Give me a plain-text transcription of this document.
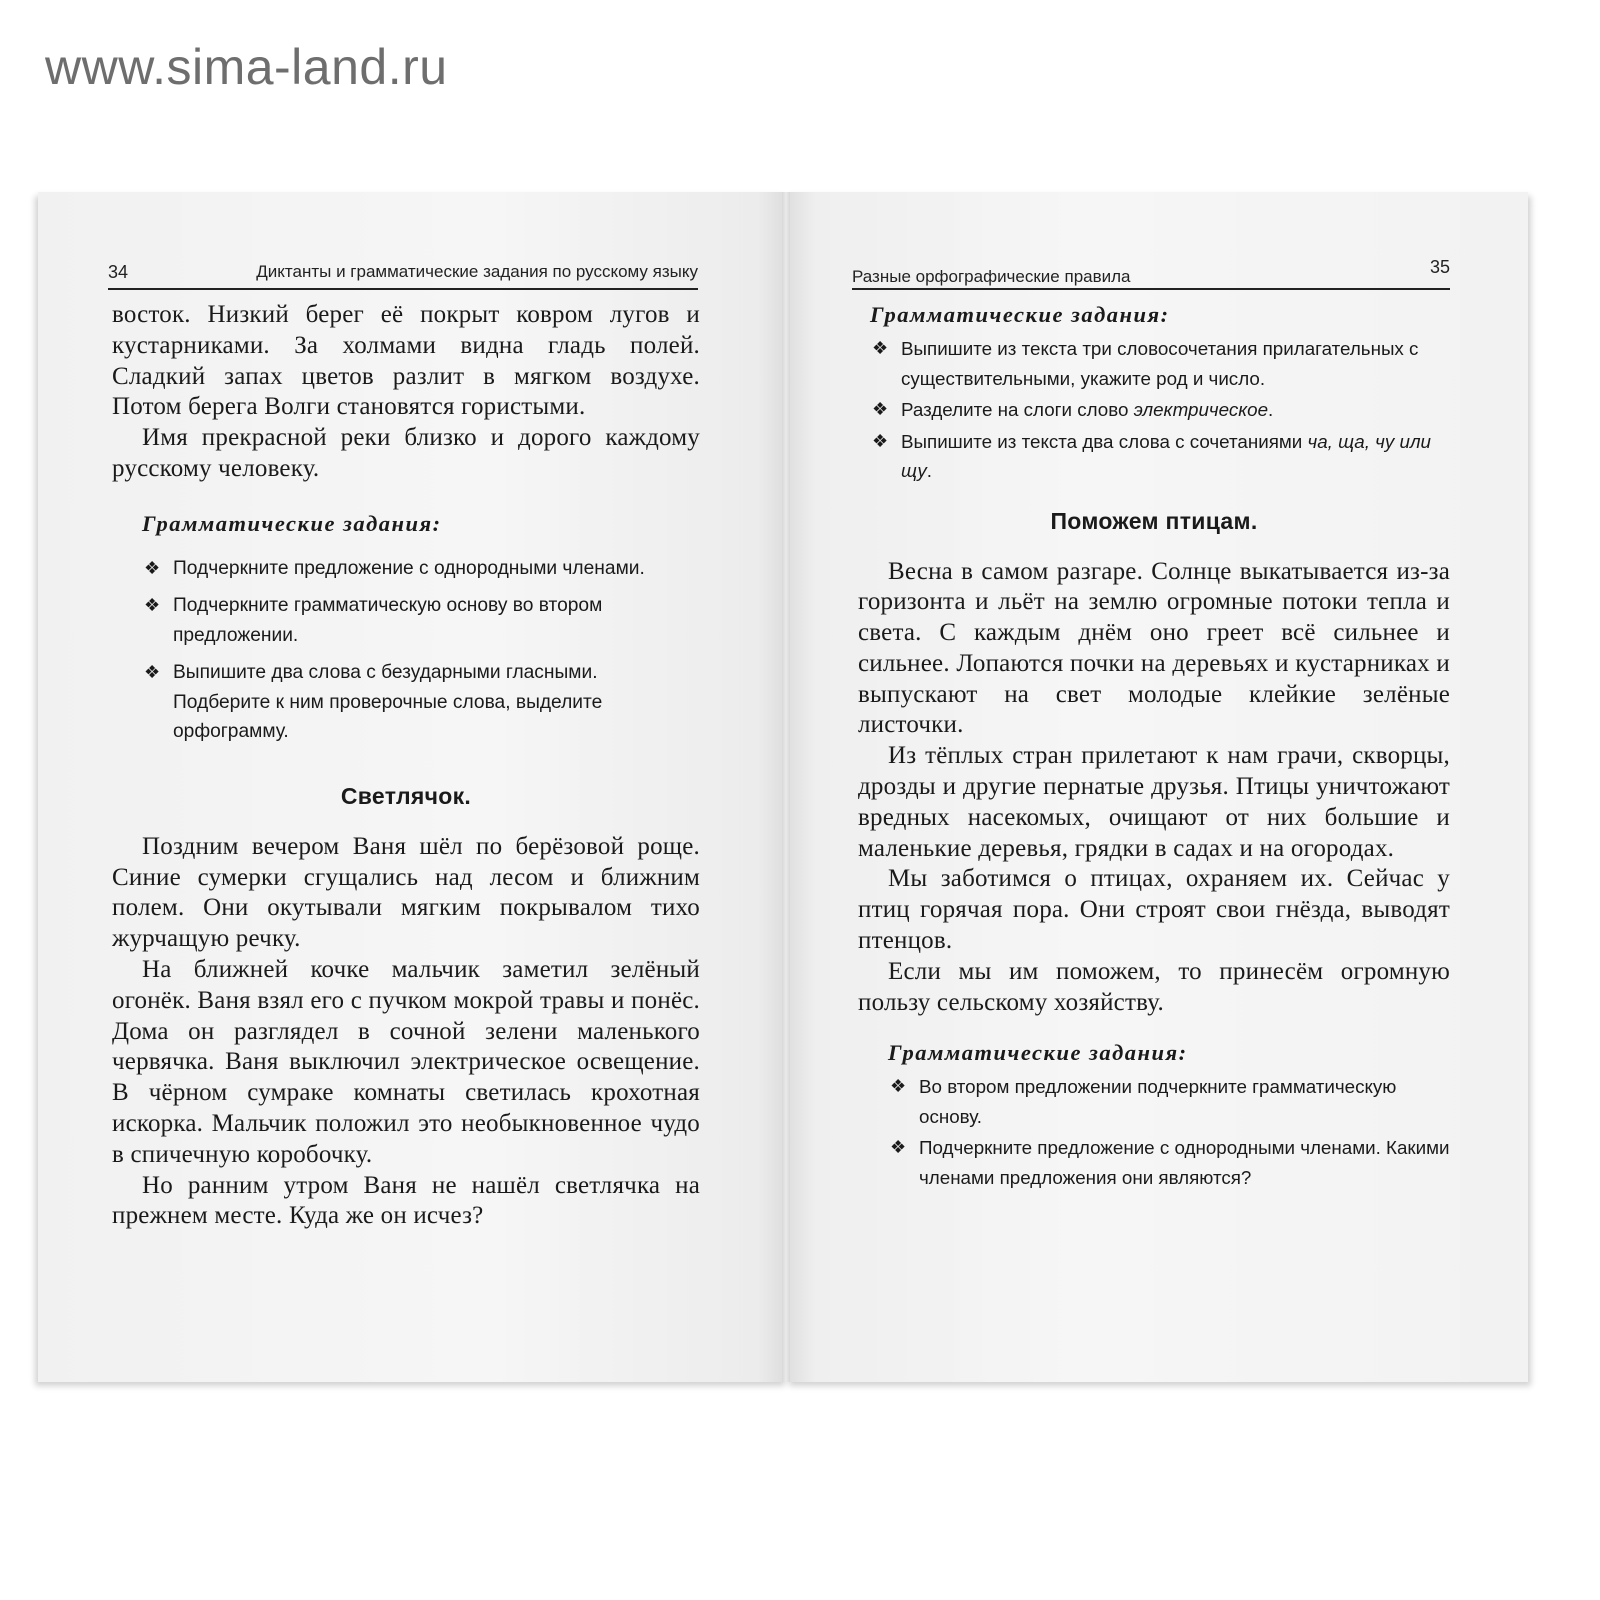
www.sima-land.ru
34	Диктанты и грамматические задания по русскому языку

восток. Низкий берег её покрыт ковром лугов и кустарниками. За холмами видна гладь полей. Сладкий запах цветов разлит в мягком воздухе. Потом берега Волги становятся гористыми.

Имя прекрасной реки близко и дорого каждому русскому человеку.

Грамматические задания:

❖ Подчеркните предложение с однородными членами.
❖ Подчеркните грамматическую основу во втором предложении.
❖ Выпишите два слова с безударными гласными. Подберите к ним проверочные слова, выделите орфограмму.

Светлячок.

Поздним вечером Ваня шёл по берёзовой роще. Синие сумерки сгущались над лесом и ближним полем. Они окутывали мягким покрывалом тихо журчащую речку.

На ближней кочке мальчик заметил зелёный огонёк. Ваня взял его с пучком мокрой травы и понёс. Дома он разглядел в сочной зелени маленького червячка. Ваня выключил электрическое освещение. В чёрном сумраке комнаты светилась крохотная искорка. Мальчик положил это необыкновенное чудо в спичечную коробочку.

Но ранним утром Ваня не нашёл светлячка на прежнем месте. Куда же он исчез?

Разные орфографические правила	35

Грамматические задания:

❖ Выпишите из текста три словосочетания прилагательных с существительными, укажите род и число.
❖ Разделите на слоги слово электрическое.
❖ Выпишите из текста два слова с сочетаниями ча, ща, чу или щу.

Поможем птицам.

Весна в самом разгаре. Солнце выкатывается из-за горизонта и льёт на землю огромные потоки тепла и света. С каждым днём оно греет всё сильнее и сильнее. Лопаются почки на деревьях и кустарниках и выпускают на свет молодые клейкие зелёные листочки.

Из тёплых стран прилетают к нам грачи, скворцы, дрозды и другие пернатые друзья. Птицы уничтожают вредных насекомых, очищают от них большие и маленькие деревья, грядки в садах и на огородах.

Мы заботимся о птицах, охраняем их. Сейчас у птиц горячая пора. Они строят свои гнёзда, выводят птенцов.

Если мы им поможем, то принесём огромную пользу сельскому хозяйству.

Грамматические задания:

❖ Во втором предложении подчеркните грамматическую основу.
❖ Подчеркните предложение с однородными членами. Какими членами предложения они являются?
